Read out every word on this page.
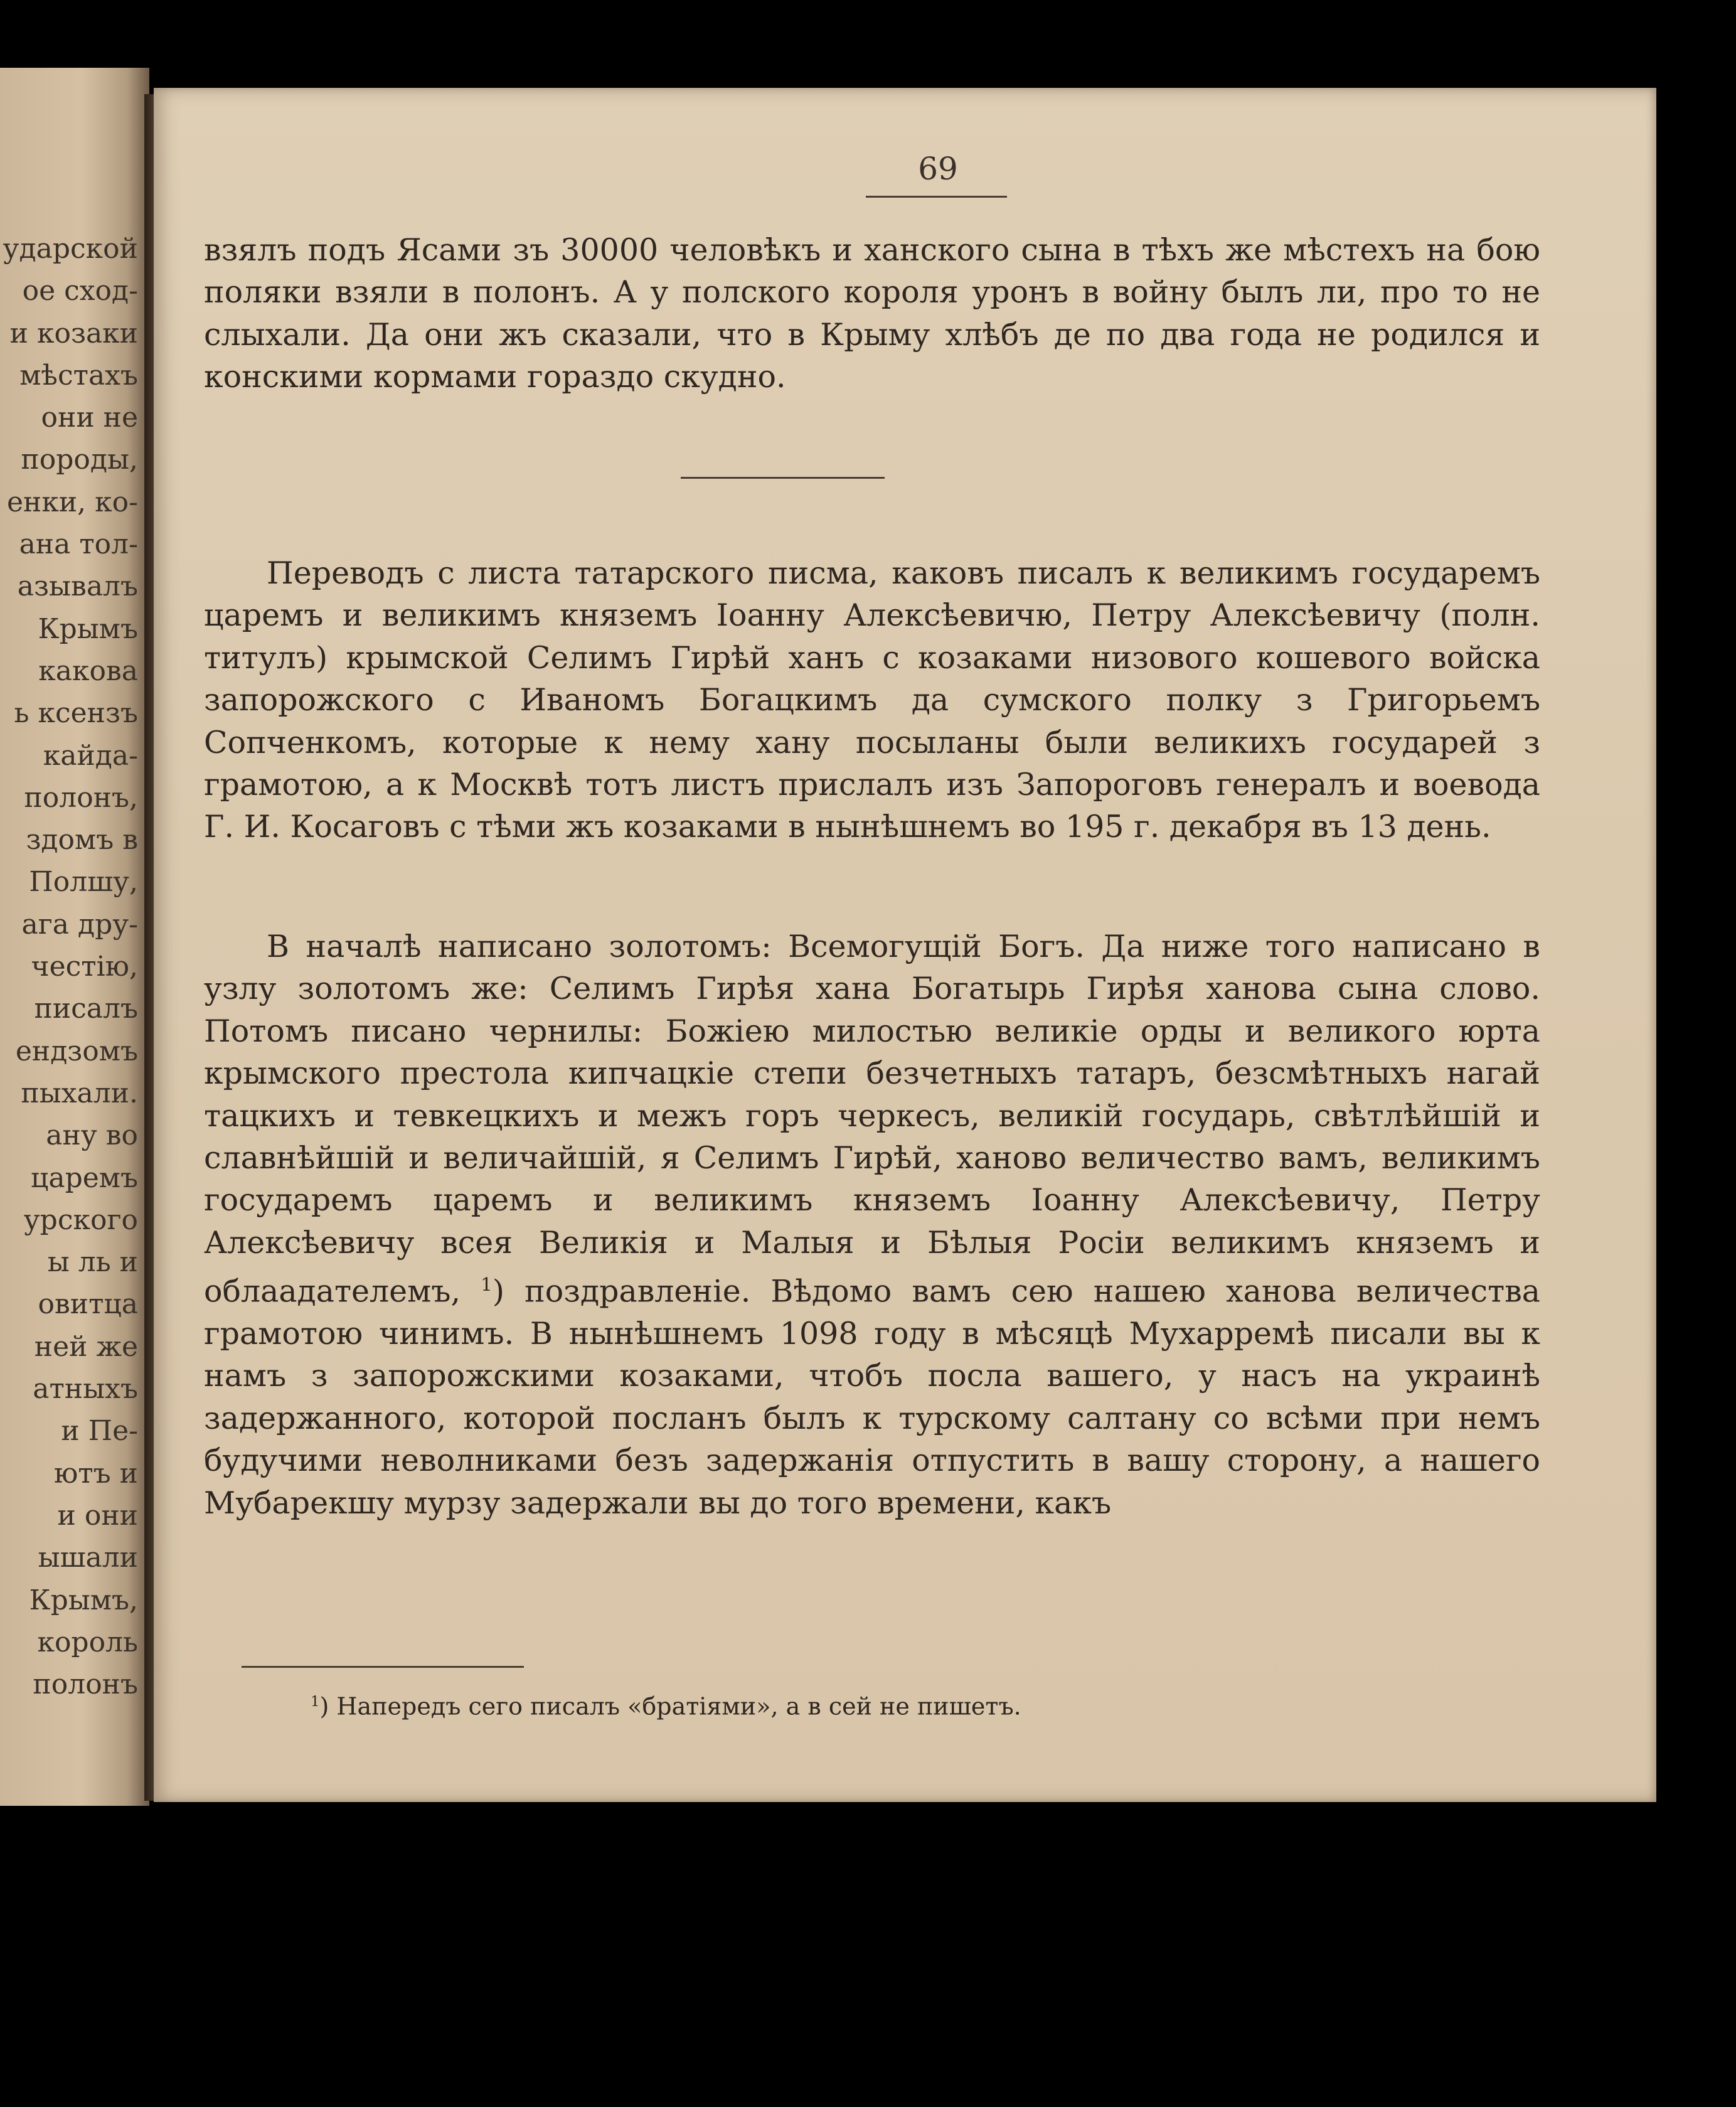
ударской
ое сход-
и козаки
мѣстахъ
они не
породы,
енки, ко-
ана тол-
азывалъ
Крымъ
какова
ь ксензъ
кайда-
полонъ,
здомъ в
Полшу,
ага дру-
честію,
писалъ
ендзомъ
пыхали.
ану во
царемъ
урского
ы ль и
овитца
ней же
атныхъ
и Пе-
ютъ и
и они
ышали
Крымъ,
король
полонъ
69

взялъ подъ Ясами зъ 30000 человѣкъ и ханского сына в тѣхъ же мѣстехъ на бою поляки взяли в полонъ. А у полского короля уронъ в войну былъ ли, про то не слыхали. Да они жъ сказали, что в Крыму хлѣбъ де по два года не родился и конскими кормами гораздо скудно.

Переводъ с листа татарского писма, каковъ писалъ к великимъ государемъ царемъ и великимъ княземъ Іоанну Алексѣевичю, Петру Алексѣевичу (полн. титулъ) крымской Селимъ Гирѣй ханъ с козаками низового кошевого войска запорожского с Иваномъ Богацкимъ да сумского полку з Григорьемъ Сопченкомъ, которые к нему хану посыланы были великихъ государей з грамотою, а к Москвѣ тотъ листъ прислалъ изъ Запороговъ генералъ и воевода Г. И. Косаговъ с тѣми жъ козаками в нынѣшнемъ во 195 г. декабря въ 13 день.

В началѣ написано золотомъ: Всемогущій Богъ. Да ниже того написано в узлу золотомъ же: Селимъ Гирѣя хана Богатырь Гирѣя ханова сына слово. Потомъ писано чернилы: Божіею милостью великіе орды и великого юрта крымского престола кипчацкіе степи безчетныхъ татаръ, безсмѣтныхъ нагай тацкихъ и тевкецкихъ и межъ горъ черкесъ, великій государь, свѣтлѣйшій и славнѣйшій и величайшій, я Селимъ Гирѣй, ханово величество вамъ, великимъ государемъ царемъ и великимъ княземъ Іоанну Алексѣевичу, Петру Алексѣевичу всея Великія и Малыя и Бѣлыя Росіи великимъ княземъ и облаадателемъ, $^1$) поздравленіе. Вѣдомо вамъ сею нашею ханова величества грамотою чинимъ. В нынѣшнемъ 1098 году в мѣсяцѣ Мухарремѣ писали вы к намъ з запорожскими козаками, чтобъ посла вашего, у насъ на украинѣ задержанного, которой посланъ былъ к турскому салтану со всѣми при немъ будучими неволниками безъ задержанія отпустить в вашу сторону, а нашего Мубарекшу мурзу задержали вы до того времени, какъ

$^1$) Напередъ сего писалъ «братіями», а в сей не пишетъ.
